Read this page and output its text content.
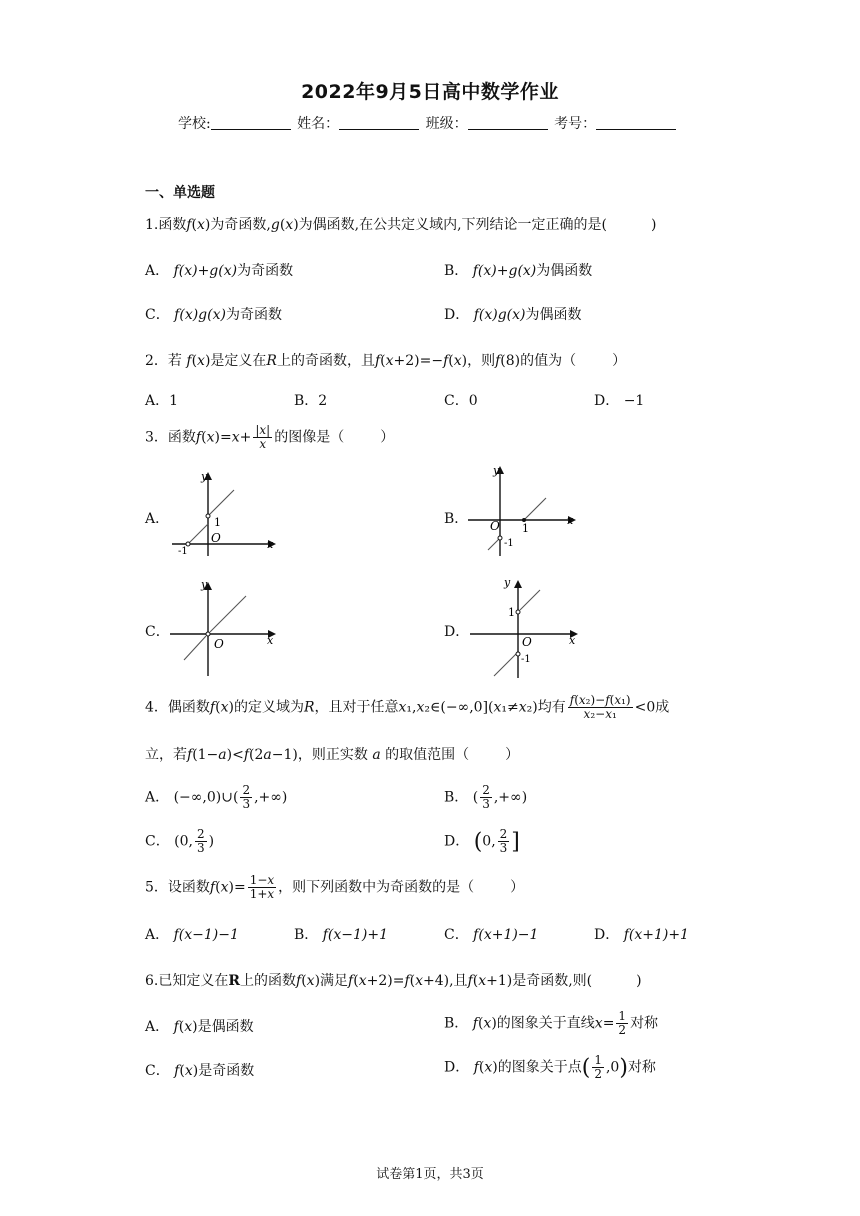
2022年9月5日高中数学作业
学校:	姓名：	班级：	考号：
一、单选题
1.函数f(x)为奇函数,g(x)为偶函数,在公共定义域内,下列结论一定正确的是(	)
A． f(x)+g(x)为奇函数	B． f(x)+g(x)为偶函数
C． f(x)g(x)为奇函数	D． f(x)g(x)为偶函数
2．若 f(x)是定义在R上的奇函数，且f(x+2)=−f(x)，则f(8)的值为（	）
A．1	B．2	C．0	D． −1
3．函数$f(x)=x+ \frac{|x|}{x}$ 的图像是（	）
A．
y
1
O
-1
x
B．
y
O 1
-1
x
C．
y
O	x
D．
y
1
O
-1
x
4．偶函数f(x)的定义域为R，且对于任意x₁,x₂∈(−∞,0](x₁≠x₂)均有 $\frac{\text{f(x₂)−f(x₁)}}{\text{x₂−x₁}} <0$成
立，若f(1−a)<f(2a−1)，则正实数 a 的取值范围（	）
A． (−∞,0)∪( $\frac{2}{3}$ ,+∞)	B． ( $\frac{2}{3}$ ,+∞)
C． (0, $\frac{2}{3}$ )	D． (0, $\frac{2}{3}$ ]
5．设函数$f(x)= \frac{1-x}{1+x}$ ，则下列函数中为奇函数的是（	）
A． f(x−1)−1	B． f(x−1)+1	C． f(x+1)−1	D． f(x+1)+1
6.已知定义在R上的函数f(x)满足f(x+2)=f(x+4),且f(x+1)是奇函数,则(	)
A． f(x)是偶函数	B． f(x)的图象关于直线$x= \frac{1}{2}$ 对称
C． f(x)是奇函数	D． f(x)的图象关于点( $\frac{1}{2} ,0$)对称
试卷第1页，共3页
